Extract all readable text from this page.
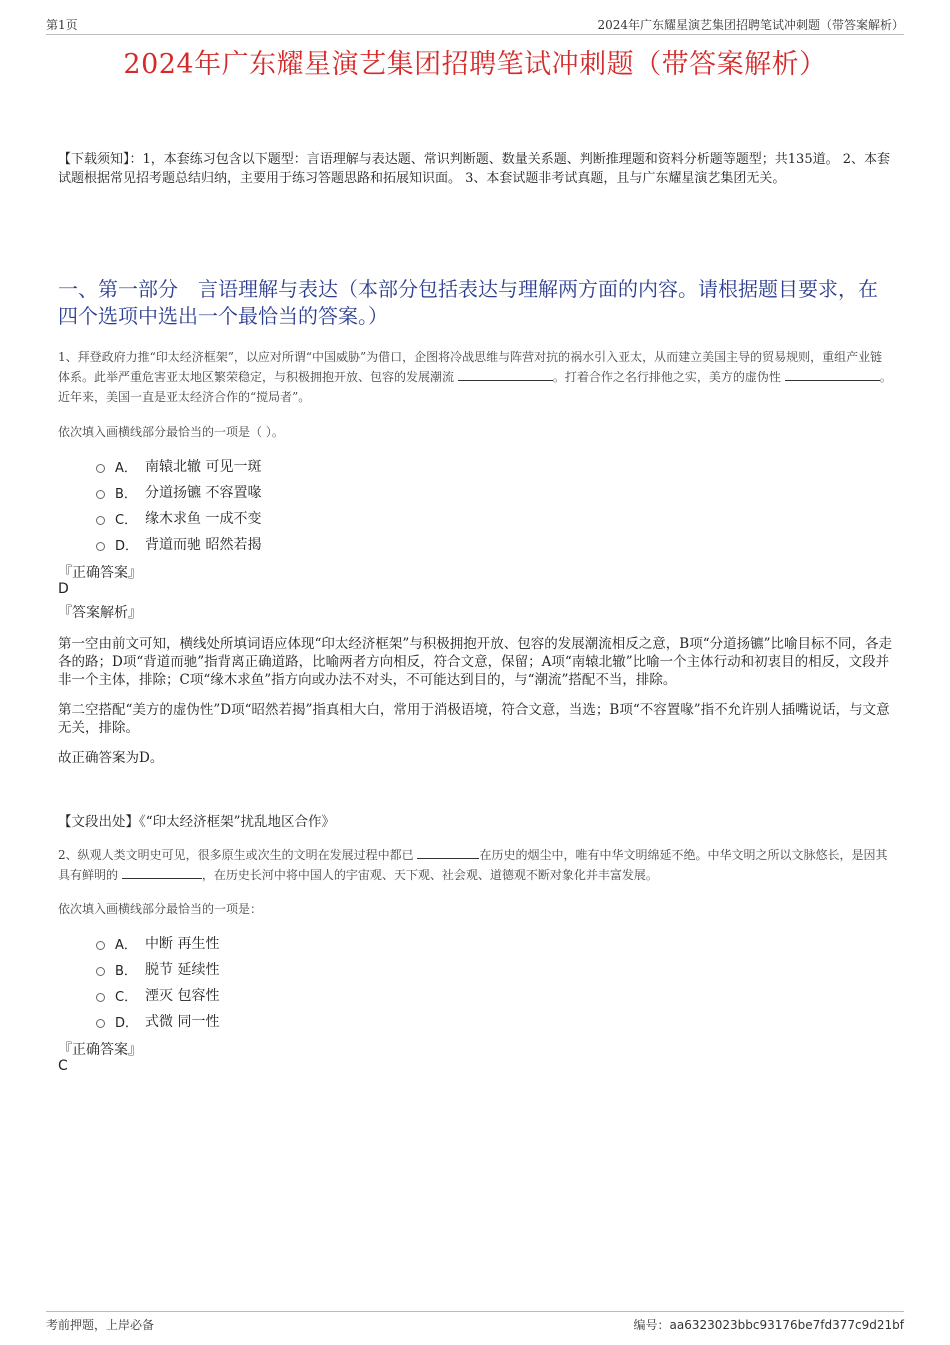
第1页	2024年广东耀星演艺集团招聘笔试冲刺题（带答案解析）
2024年广东耀星演艺集团招聘笔试冲刺题（带答案解析）
【下载须知】：1，本套练习包含以下题型：言语理解与表达题、常识判断题、数量关系题、判断推理题和资料分析题等题型；共135道。 2、本套试题根据常见招考题总结归纳，主要用于练习答题思路和拓展知识面。 3、本套试题非考试真题，且与广东耀星演艺集团无关。
一、第一部分　言语理解与表达（本部分包括表达与理解两方面的内容。请根据题目要求，在四个选项中选出一个最恰当的答案。）
1、拜登政府力推“印太经济框架”，以应对所谓“中国威胁”为借口，企图将冷战思维与阵营对抗的祸水引入亚太，从而建立美国主导的贸易规则，重组产业链体系。此举严重危害亚太地区繁荣稳定，与积极拥抱开放、包容的发展潮流	。打着合作之名行排他之实，美方的虚伪性	。近年来，美国一直是亚太经济合作的“搅局者”。
依次填入画横线部分最恰当的一项是（ ）。
A． 南辕北辙 可见一斑
B． 分道扬镳 不容置喙
C． 缘木求鱼 一成不变
D． 背道而驰 昭然若揭
『正确答案』
D
『答案解析』

第一空由前文可知，横线处所填词语应体现“印太经济框架”与积极拥抱开放、包容的发展潮流相反之意，B项“分道扬镳”比喻目标不同，各走各的路；D项“背道而驰”指背离正确道路，比喻两者方向相反，符合文意，保留；A项“南辕北辙”比喻一个主体行动和初衷目的相反，文段并非一个主体，排除；C项“缘木求鱼”指方向或办法不对头，不可能达到目的，与“潮流”搭配不当，排除。

第二空搭配“美方的虚伪性”D项“昭然若揭”指真相大白，常用于消极语境，符合文意，当选；B项“不容置喙”指不允许别人插嘴说话，与文意无关，排除。

故正确答案为D。

【文段出处】《“印太经济框架”扰乱地区合作》
2、纵观人类文明史可见，很多原生或次生的文明在发展过程中都已	在历史的烟尘中，唯有中华文明绵延不绝。中华文明之所以文脉悠长，是因其具有鲜明的	，在历史长河中将中国人的宇宙观、天下观、社会观、道德观不断对象化并丰富发展。
依次填入画横线部分最恰当的一项是：
A． 中断 再生性
B． 脱节 延续性
C． 湮灭 包容性
D． 式微 同一性
『正确答案』
C
考前押题，上岸必备	编号：aa6323023bbc93176be7fd377c9d21bf
